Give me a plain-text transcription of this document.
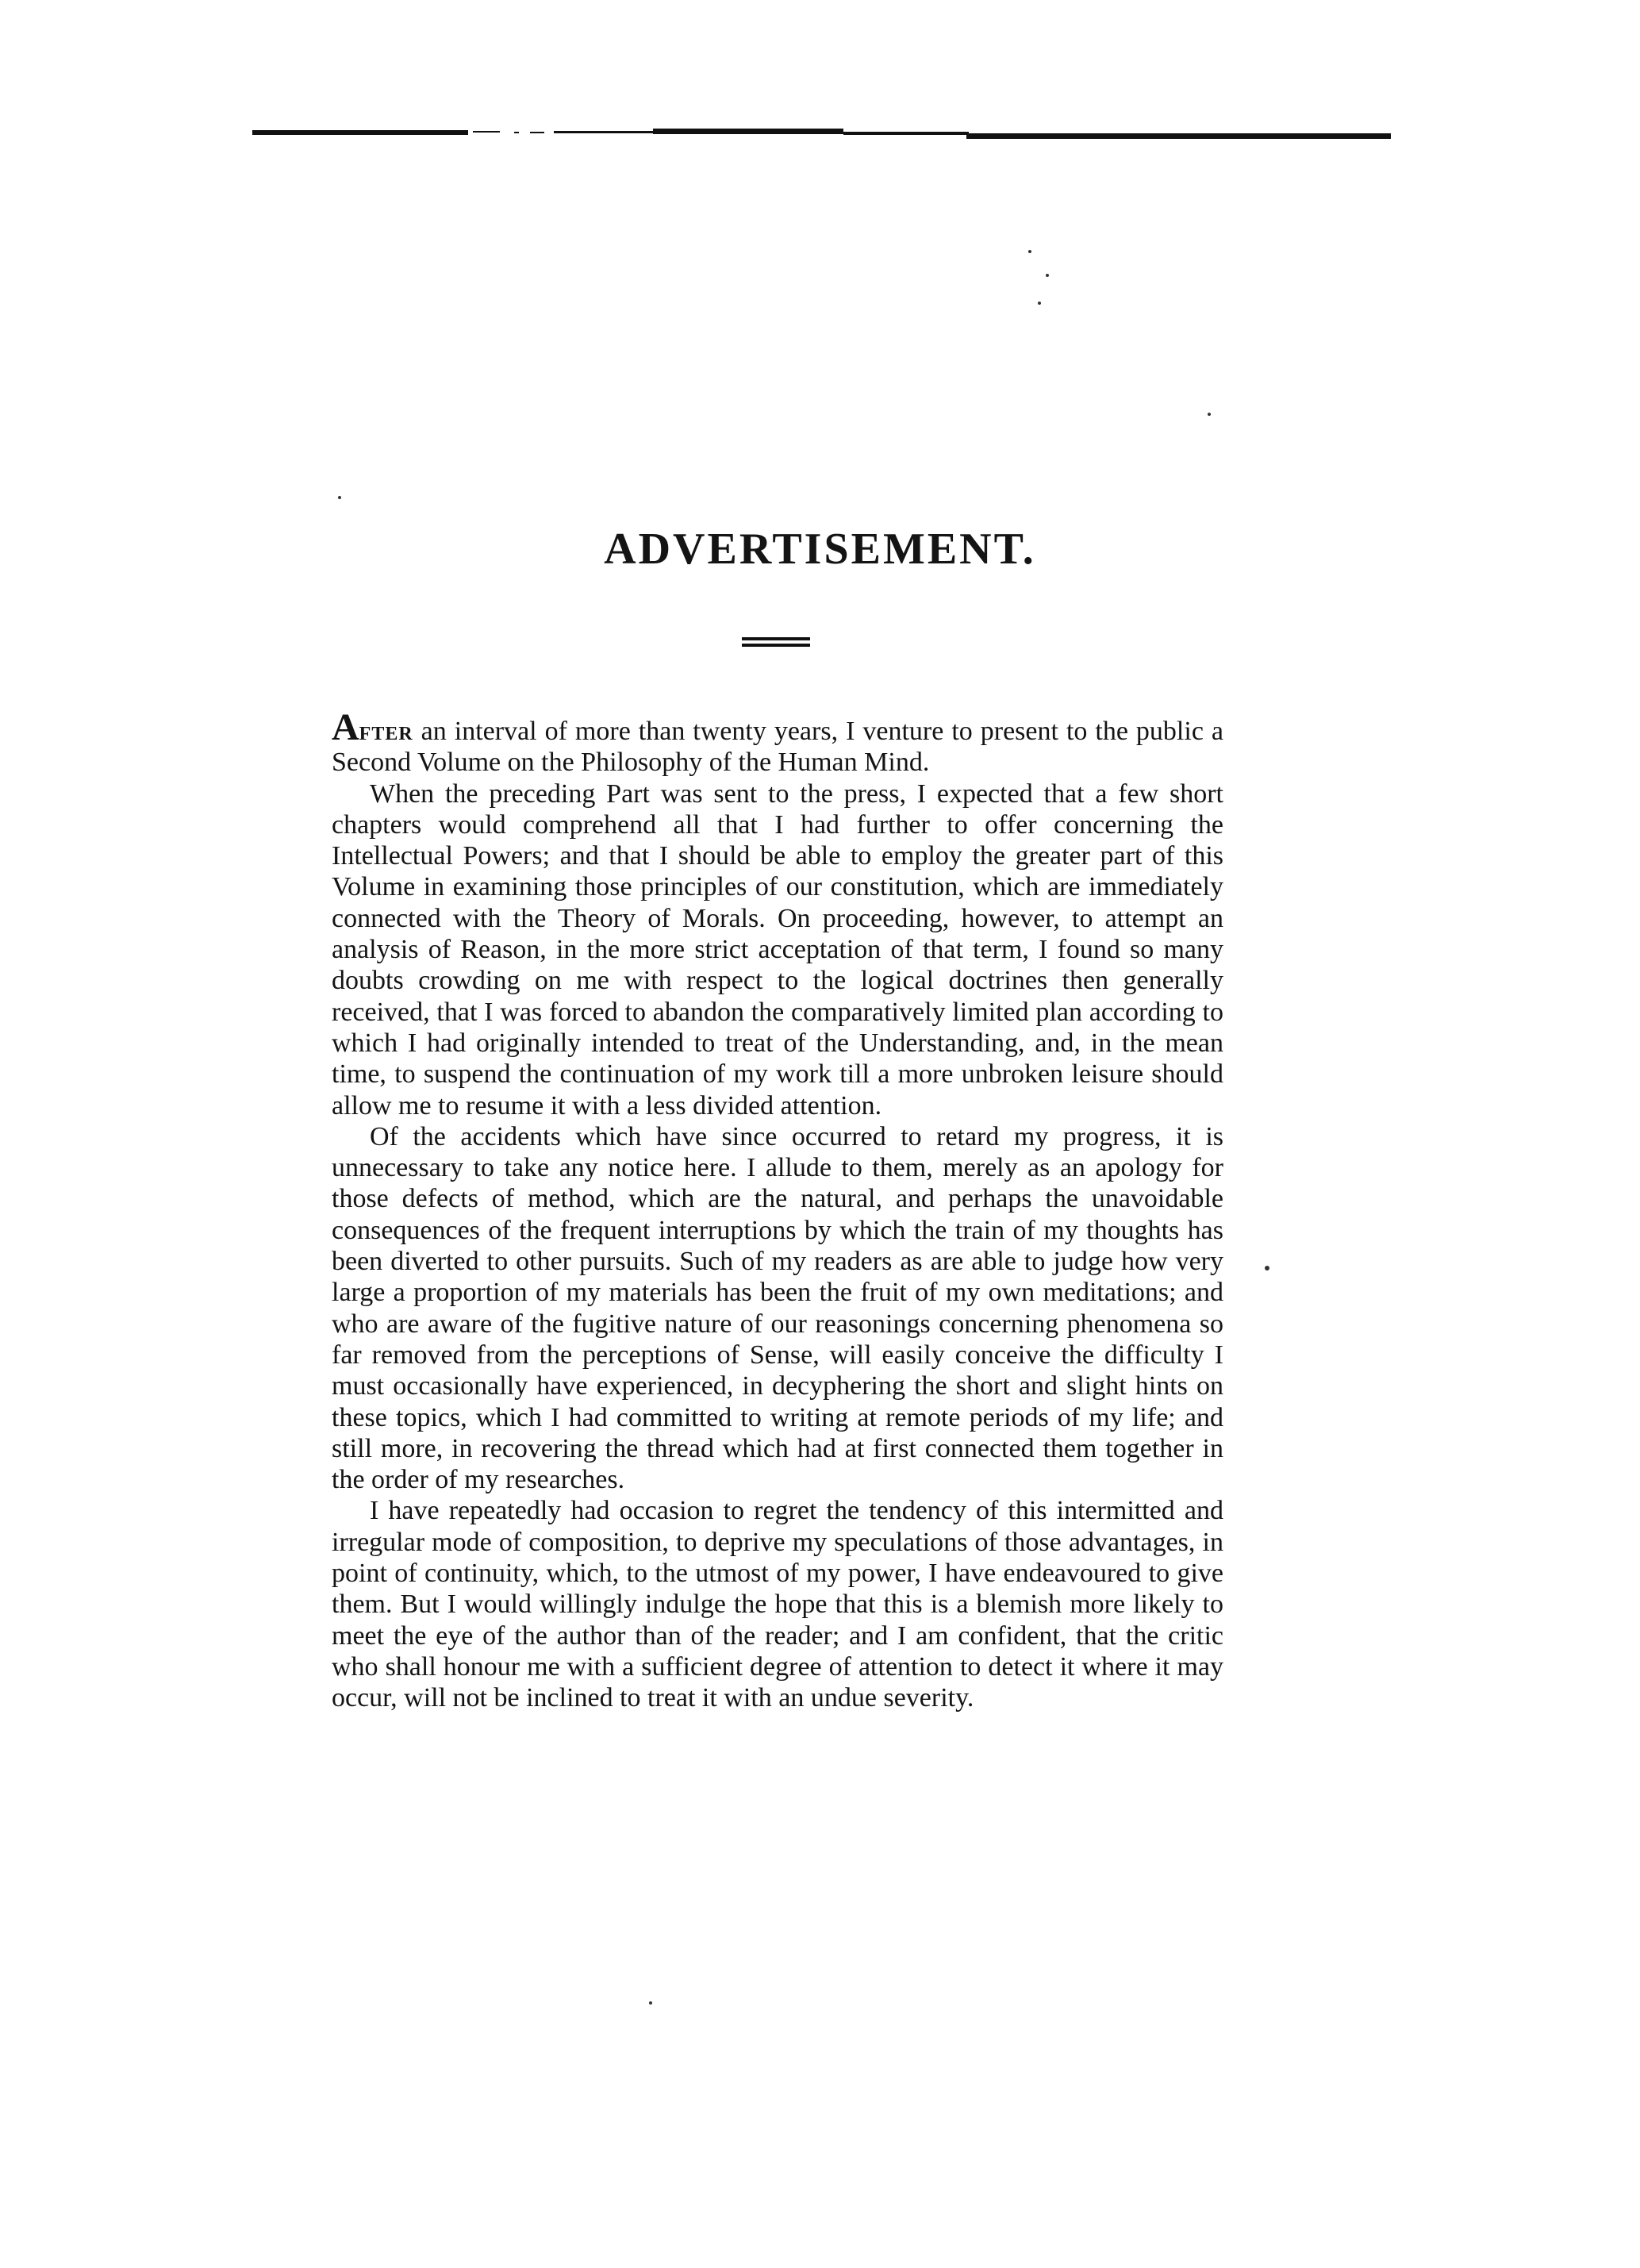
ADVERTISEMENT.

After an interval of more than twenty years, I venture to present to the public a Second Volume on the Philosophy of the Human Mind.

When the preceding Part was sent to the press, I expected that a few short chapters would comprehend all that I had further to offer concerning the Intellectual Powers; and that I should be able to employ the greater part of this Volume in examining those principles of our constitution, which are immediately connected with the Theory of Morals. On proceeding, however, to attempt an analysis of Reason, in the more strict acceptation of that term, I found so many doubts crowding on me with respect to the logical doctrines then generally received, that I was forced to abandon the comparatively limited plan according to which I had originally intended to treat of the Understanding, and, in the mean time, to suspend the continuation of my work till a more unbroken leisure should allow me to resume it with a less divided attention.

Of the accidents which have since occurred to retard my progress, it is unnecessary to take any notice here. I allude to them, merely as an apology for those defects of method, which are the natural, and perhaps the unavoidable consequences of the frequent interruptions by which the train of my thoughts has been diverted to other pursuits. Such of my readers as are able to judge how very large a proportion of my materials has been the fruit of my own meditations; and who are aware of the fugitive nature of our reasonings concerning phenomena so far removed from the perceptions of Sense, will easily conceive the difficulty I must occasionally have experienced, in decyphering the short and slight hints on these topics, which I had committed to writing at remote periods of my life; and still more, in recovering the thread which had at first connected them together in the order of my researches.

I have repeatedly had occasion to regret the tendency of this intermitted and irregular mode of composition, to deprive my speculations of those advantages, in point of continuity, which, to the utmost of my power, I have endeavoured to give them. But I would willingly indulge the hope that this is a blemish more likely to meet the eye of the author than of the reader; and I am confident, that the critic who shall honour me with a sufficient degree of attention to detect it where it may occur, will not be inclined to treat it with an undue severity.
